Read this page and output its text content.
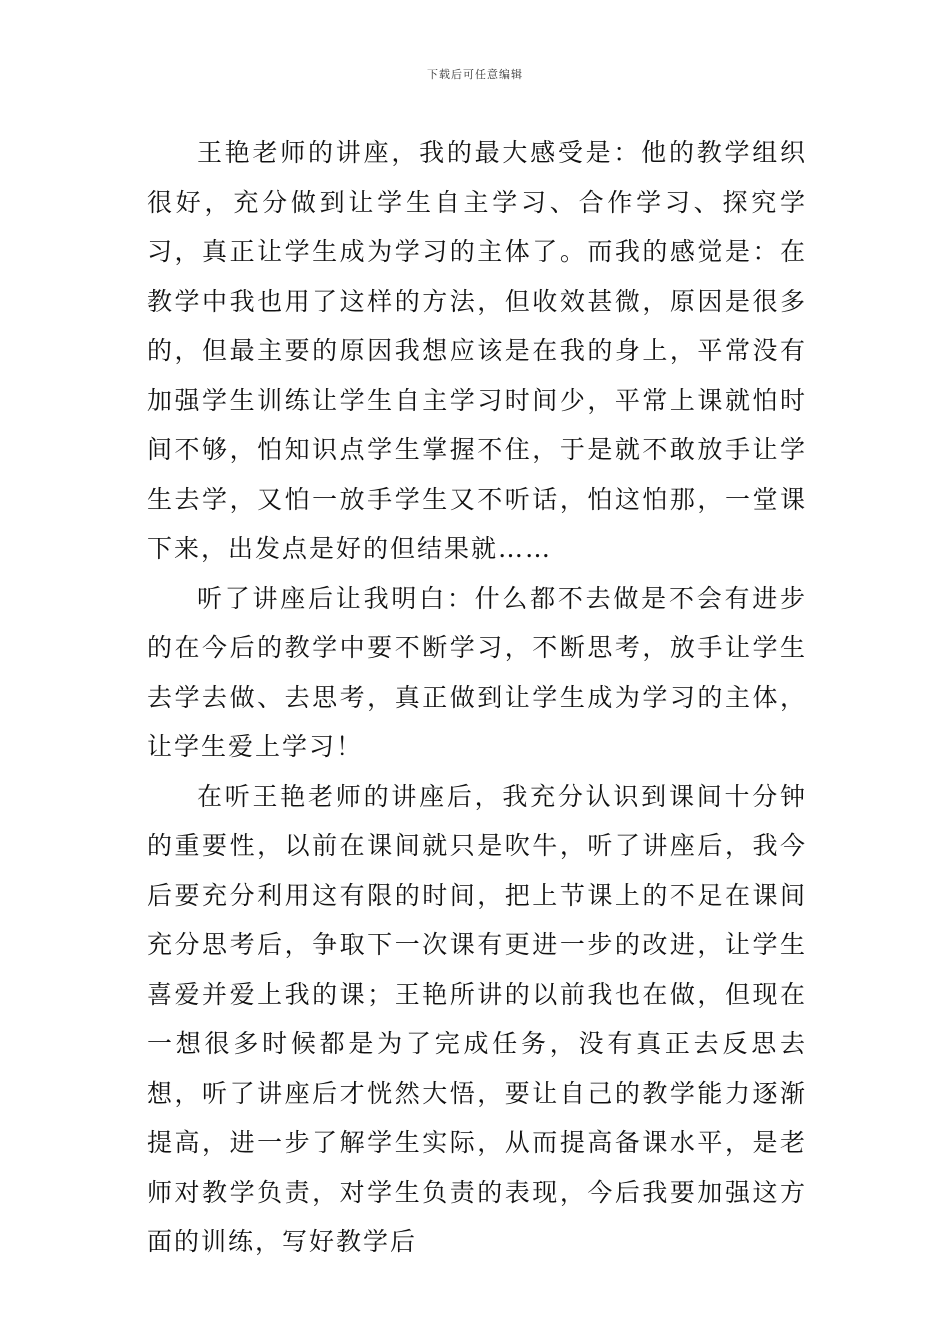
下载后可任意编辑

王艳老师的讲座，我的最大感受是：他的教学组织很好，充分做到让学生自主学习、合作学习、探究学习，真正让学生成为学习的主体了。而我的感觉是：在教学中我也用了这样的方法，但收效甚微，原因是很多的，但最主要的原因我想应该是在我的身上，平常没有加强学生训练让学生自主学习时间少，平常上课就怕时间不够，怕知识点学生掌握不住，于是就不敢放手让学生去学，又怕一放手学生又不听话，怕这怕那，一堂课下来，出发点是好的但结果就……

听了讲座后让我明白：什么都不去做是不会有进步的在今后的教学中要不断学习，不断思考，放手让学生去学去做、去思考，真正做到让学生成为学习的主体，让学生爱上学习！

在听王艳老师的讲座后，我充分认识到课间十分钟的重要性，以前在课间就只是吹牛，听了讲座后，我今后要充分利用这有限的时间，把上节课上的不足在课间充分思考后，争取下一次课有更进一步的改进，让学生喜爱并爱上我的课；王艳所讲的以前我也在做，但现在一想很多时候都是为了完成任务，没有真正去反思去想，听了讲座后才恍然大悟，要让自己的教学能力逐渐提高，进一步了解学生实际，从而提高备课水平，是老师对教学负责，对学生负责的表现，今后我要加强这方面的训练，写好教学后
